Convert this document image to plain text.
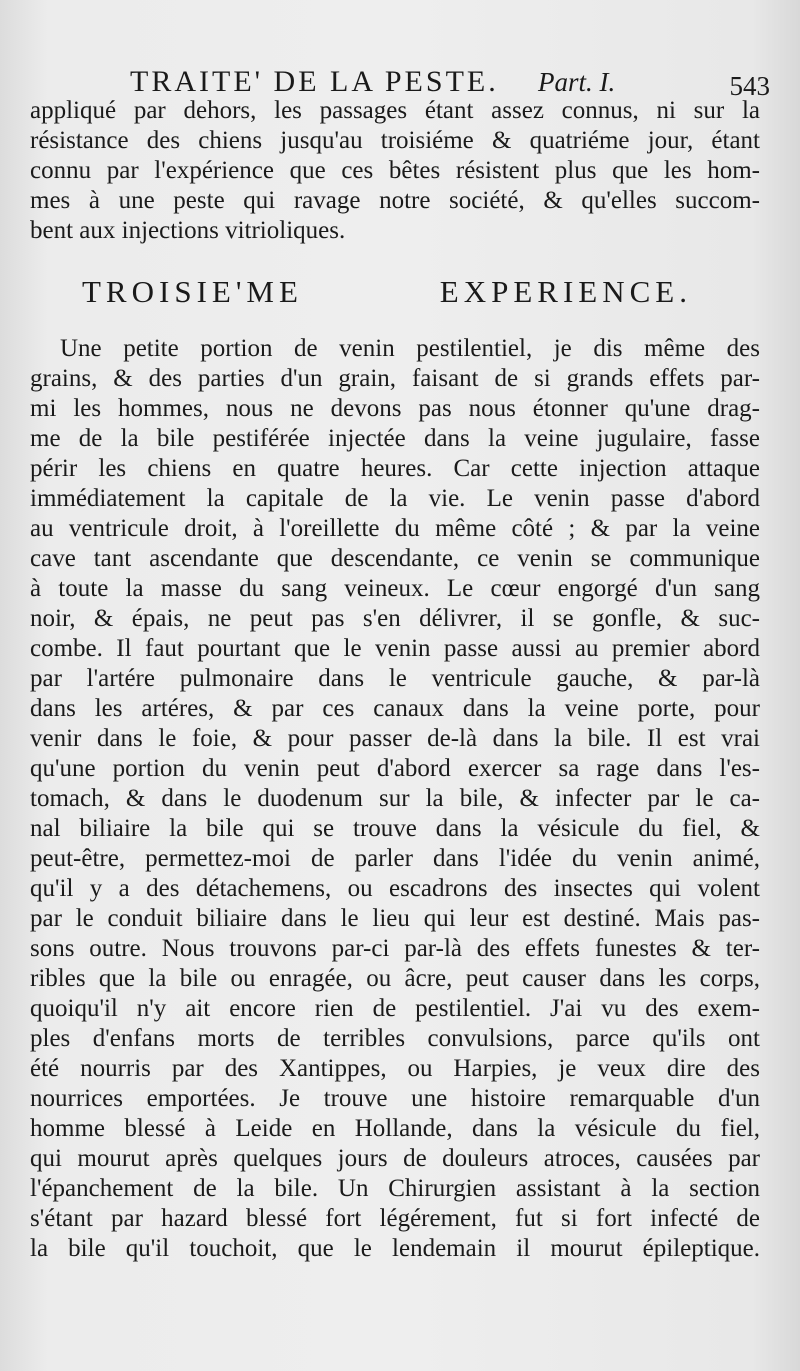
TRAITE' DE LA PESTE. Part. I.	543
appliqué par dehors, les passages étant assez connus, ni sur la
résistance des chiens jusqu'au troisiéme & quatriéme jour, étant
connu par l'expérience que ces bêtes résistent plus que les hom-
mes à une peste qui ravage notre société, & qu'elles succom-
bent aux injections vitrioliques.
TROISIE'ME EXPERIENCE.
Une petite portion de venin pestilentiel, je dis même des
grains, & des parties d'un grain, faisant de si grands effets par-
mi les hommes, nous ne devons pas nous étonner qu'une drag-
me de la bile pestiférée injectée dans la veine jugulaire, fasse
périr les chiens en quatre heures. Car cette injection attaque
immédiatement la capitale de la vie. Le venin passe d'abord
au ventricule droit, à l'oreillette du même côté ; & par la veine
cave tant ascendante que descendante, ce venin se communique
à toute la masse du sang veineux. Le cœur engorgé d'un sang
noir, & épais, ne peut pas s'en délivrer, il se gonfle, & suc-
combe. Il faut pourtant que le venin passe aussi au premier abord
par l'artére pulmonaire dans le ventricule gauche, & par-là
dans les artéres, & par ces canaux dans la veine porte, pour
venir dans le foie, & pour passer de-là dans la bile. Il est vrai
qu'une portion du venin peut d'abord exercer sa rage dans l'es-
tomach, & dans le duodenum sur la bile, & infecter par le ca-
nal biliaire la bile qui se trouve dans la vésicule du fiel, &
peut-être, permettez-moi de parler dans l'idée du venin animé,
qu'il y a des détachemens, ou escadrons des insectes qui volent
par le conduit biliaire dans le lieu qui leur est destiné. Mais pas-
sons outre. Nous trouvons par-ci par-là des effets funestes & ter-
ribles que la bile ou enragée, ou âcre, peut causer dans les corps,
quoiqu'il n'y ait encore rien de pestilentiel. J'ai vu des exem-
ples d'enfans morts de terribles convulsions, parce qu'ils ont
été nourris par des Xantippes, ou Harpies, je veux dire des
nourrices emportées. Je trouve une histoire remarquable d'un
homme blessé à Leide en Hollande, dans la vésicule du fiel,
qui mourut après quelques jours de douleurs atroces, causées par
l'épanchement de la bile. Un Chirurgien assistant à la section
s'étant par hazard blessé fort légérement, fut si fort infecté de
la bile qu'il touchoit, que le lendemain il mourut épileptique.
